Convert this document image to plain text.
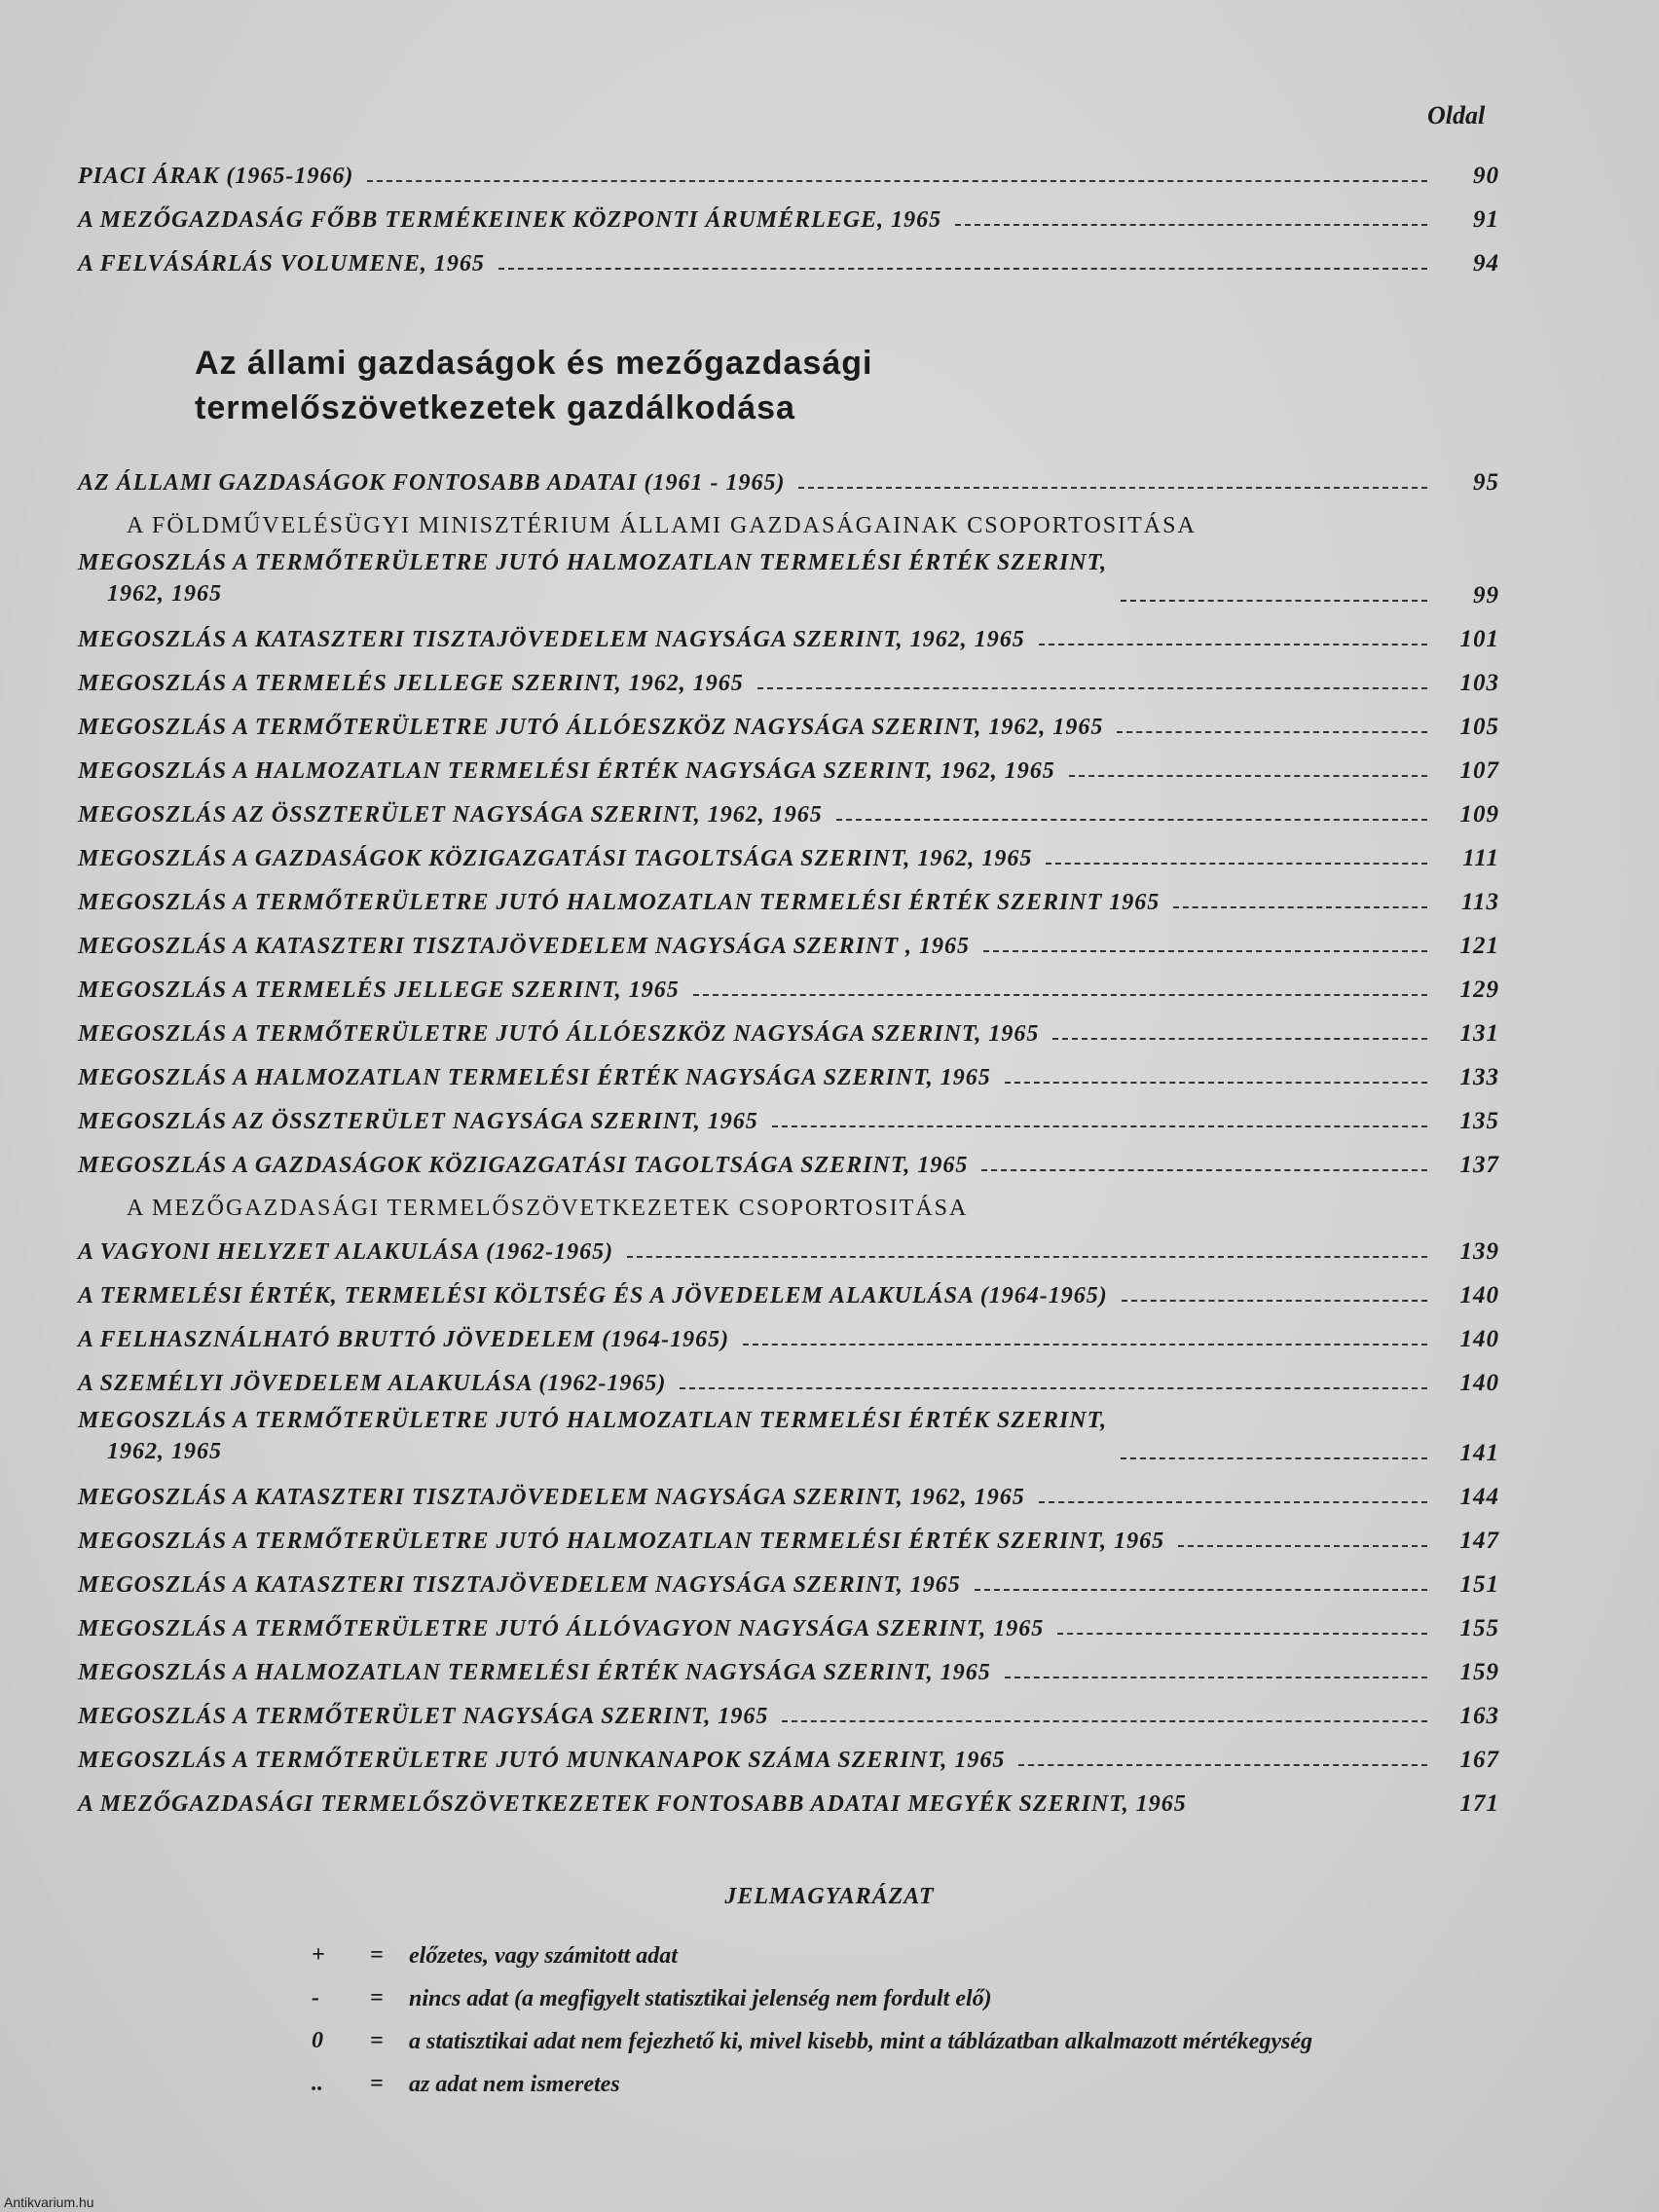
Oldal
PIACI ÁRAK (1965-1966)	90
A MEZŐGAZDASÁG FŐBB TERMÉKEINEK KÖZPONTI ÁRUMÉRLEGE, 1965	91
A FELVÁSÁRLÁS VOLUMENE, 1965	94
Az állami gazdaságok és mezőgazdasági
termelőszövetkezetek gazdálkodása
AZ ÁLLAMI GAZDASÁGOK FONTOSABB ADATAI (1961 - 1965)	95
A FÖLDMŰVELÉSÜGYI MINISZTÉRIUM ÁLLAMI GAZDASÁGAINAK CSOPORTOSITÁSA
MEGOSZLÁS A TERMŐTERÜLETRE JUTÓ HALMOZATLAN TERMELÉSI ÉRTÉK SZERINT,
1962, 1965	99
MEGOSZLÁS A KATASZTERI TISZTAJÖVEDELEM NAGYSÁGA SZERINT, 1962, 1965	101
MEGOSZLÁS A TERMELÉS JELLEGE SZERINT, 1962, 1965	103
MEGOSZLÁS A TERMŐTERÜLETRE JUTÓ ÁLLÓESZKÖZ NAGYSÁGA SZERINT, 1962, 1965	105
MEGOSZLÁS A HALMOZATLAN TERMELÉSI ÉRTÉK NAGYSÁGA SZERINT, 1962, 1965	107
MEGOSZLÁS AZ ÖSSZTERÜLET NAGYSÁGA SZERINT, 1962, 1965	109
MEGOSZLÁS A GAZDASÁGOK KÖZIGAZGATÁSI TAGOLTSÁGA SZERINT, 1962, 1965	111
MEGOSZLÁS A TERMŐTERÜLETRE JUTÓ HALMOZATLAN TERMELÉSI ÉRTÉK SZERINT 1965	113
MEGOSZLÁS A KATASZTERI TISZTAJÖVEDELEM NAGYSÁGA SZERINT , 1965	121
MEGOSZLÁS A TERMELÉS JELLEGE SZERINT, 1965	129
MEGOSZLÁS A TERMŐTERÜLETRE JUTÓ ÁLLÓESZKÖZ NAGYSÁGA SZERINT, 1965	131
MEGOSZLÁS A HALMOZATLAN TERMELÉSI ÉRTÉK NAGYSÁGA SZERINT, 1965	133
MEGOSZLÁS AZ ÖSSZTERÜLET NAGYSÁGA SZERINT, 1965	135
MEGOSZLÁS A GAZDASÁGOK KÖZIGAZGATÁSI TAGOLTSÁGA SZERINT, 1965	137
A MEZŐGAZDASÁGI TERMELŐSZÖVETKEZETEK CSOPORTOSITÁSA
A VAGYONI HELYZET ALAKULÁSA (1962-1965)	139
A TERMELÉSI ÉRTÉK, TERMELÉSI KÖLTSÉG ÉS A JÖVEDELEM ALAKULÁSA (1964-1965)	140
A FELHASZNÁLHATÓ BRUTTÓ JÖVEDELEM (1964-1965)	140
A SZEMÉLYI JÖVEDELEM ALAKULÁSA (1962-1965)	140
MEGOSZLÁS A TERMŐTERÜLETRE JUTÓ HALMOZATLAN TERMELÉSI ÉRTÉK SZERINT,
1962, 1965	141
MEGOSZLÁS A KATASZTERI TISZTAJÖVEDELEM NAGYSÁGA SZERINT, 1962, 1965	144
MEGOSZLÁS A TERMŐTERÜLETRE JUTÓ HALMOZATLAN TERMELÉSI ÉRTÉK SZERINT, 1965	147
MEGOSZLÁS A KATASZTERI TISZTAJÖVEDELEM NAGYSÁGA SZERINT, 1965	151
MEGOSZLÁS A TERMŐTERÜLETRE JUTÓ ÁLLÓVAGYON NAGYSÁGA SZERINT, 1965	155
MEGOSZLÁS A HALMOZATLAN TERMELÉSI ÉRTÉK NAGYSÁGA SZERINT, 1965	159
MEGOSZLÁS A TERMŐTERÜLET NAGYSÁGA SZERINT, 1965	163
MEGOSZLÁS A TERMŐTERÜLETRE JUTÓ MUNKANAPOK SZÁMA SZERINT, 1965	167
A MEZŐGAZDASÁGI TERMELŐSZÖVETKEZETEK FONTOSABB ADATAI MEGYÉK SZERINT, 1965	171
JELMAGYARÁZAT
+	=	előzetes, vagy számitott adat
-	=	nincs adat (a megfigyelt statisztikai jelenség nem fordult elő)
0	=	a statisztikai adat nem fejezhető ki, mivel kisebb, mint a táblázatban alkalmazott mértékegység
..	=	az adat nem ismeretes
Antikvarium.hu
